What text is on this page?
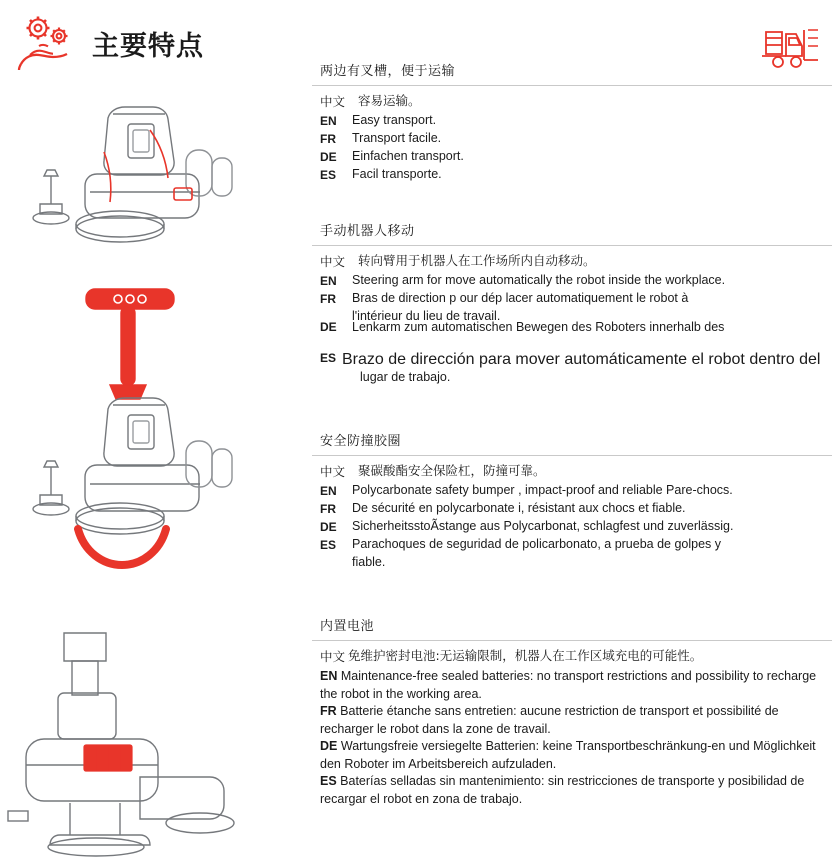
主要特点
两边有叉槽，便于运输
中文	容易运输。
EN	Easy transport.
FR	Transport facile.
DE	Einfachen transport.
ES	Facil transporte.
手动机器人移动
中文	转向臂用于机器人在工作场所内自动移动。
EN	Steering arm for move automatically the robot inside the workplace.
FR	Bras de direction p our dép lacer automatiquement le robot à
l'intérieur du lieu de travail.
DE	Lenkarm zum automatischen Bewegen des Roboters innerhalb des
ES Brazo de dirección para mover automáticamente el robot dentro del
lugar de trabajo.
安全防撞胶圈
中文	聚碳酸酯安全保险杠，防撞可靠。
EN	Polycarbonate safety bumper , impact-proof and reliable Pare-chocs.
FR	De sécurité en polycarbonate i, résistant aux chocs et fiable.
DE	SicherheitsstoÃstange aus Polycarbonat, schlagfest und zuverlässig.
ES	Parachoques de seguridad de policarbonato, a prueba de golpes y
fiable.
内置电池
中文 免维护密封电池:无运输限制，机器人在工作区域充电的可能性。
EN Maintenance-free sealed batteries: no transport restrictions and possibility to recharge the robot in the working area.
FR Batterie étanche sans entretien: aucune restriction de transport et possibilité de recharger le robot dans la zone de travail.
DE Wartungsfreie versiegelte Batterien: keine Transportbeschränkung-en und Möglichkeit den Roboter im Arbeitsbereich aufzuladen.
ES Baterías selladas sin mantenimiento: sin restricciones de transporte y posibilidad de recargar el robot en zona de trabajo.
